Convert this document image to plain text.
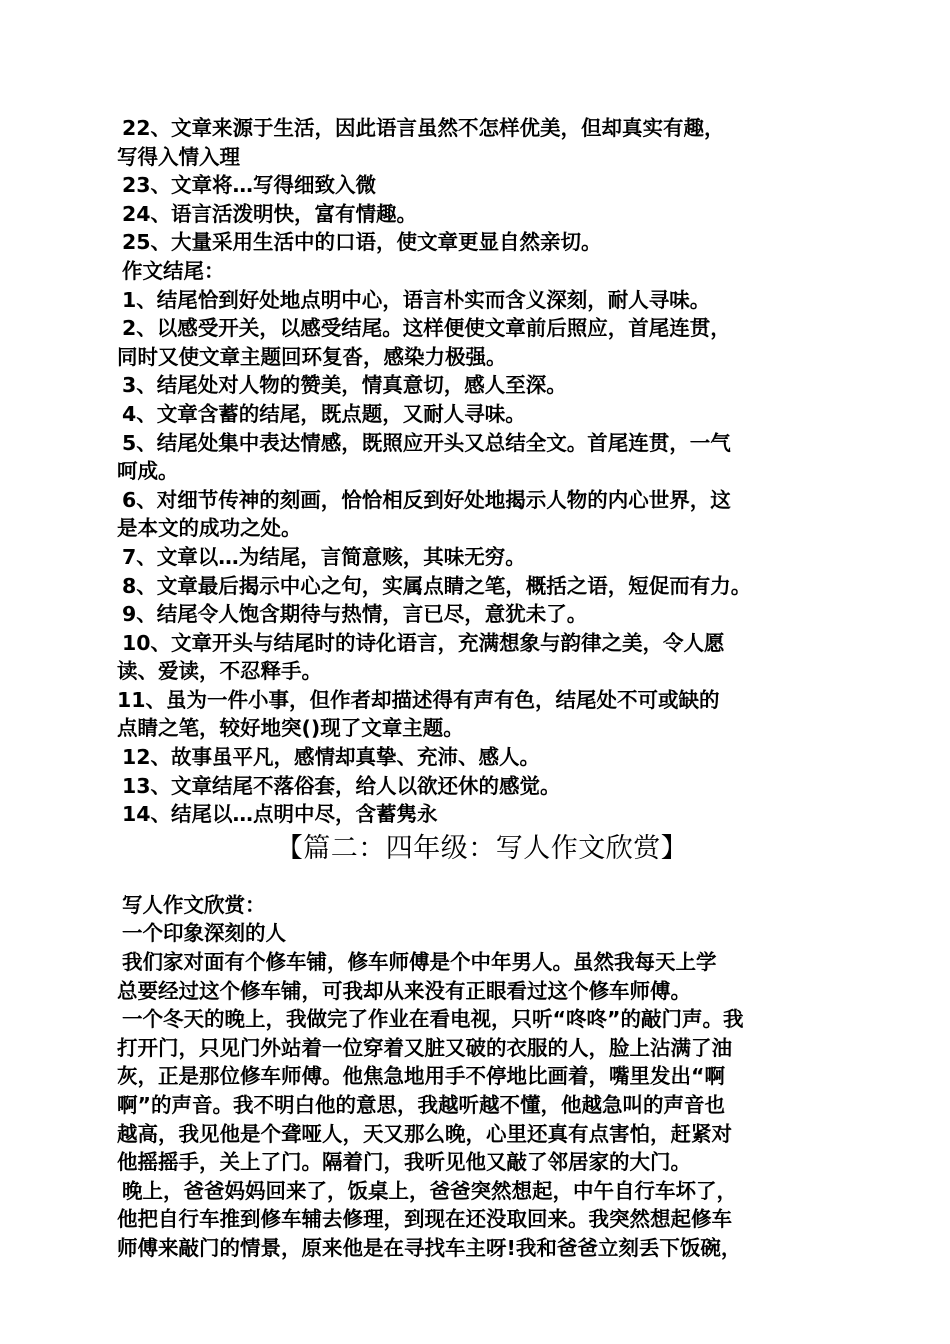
22、文章来源于生活，因此语言虽然不怎样优美，但却真实有趣，
写得入情入理
23、文章将…写得细致入微
24、语言活泼明快，富有情趣。
25、大量采用生活中的口语，使文章更显自然亲切。
作文结尾：
1、结尾恰到好处地点明中心，语言朴实而含义深刻，耐人寻味。
2、以感受开关，以感受结尾。这样便使文章前后照应，首尾连贯，
同时又使文章主题回环复沓，感染力极强。
3、结尾处对人物的赞美，情真意切，感人至深。
4、文章含蓄的结尾，既点题，又耐人寻味。
5、结尾处集中表达情感，既照应开头又总结全文。首尾连贯，一气
呵成。
6、对细节传神的刻画，恰恰相反到好处地揭示人物的内心世界，这
是本文的成功之处。
7、文章以…为结尾，言简意赅，其味无穷。
8、文章最后揭示中心之句，实属点睛之笔，概括之语，短促而有力。
9、结尾令人饱含期待与热情，言已尽，意犹未了。
10、文章开头与结尾时的诗化语言，充满想象与韵律之美，令人愿
读、爱读，不忍释手。
11、虽为一件小事，但作者却描述得有声有色，结尾处不可或缺的
点睛之笔，较好地突()现了文章主题。
12、故事虽平凡，感情却真挚、充沛、感人。
13、文章结尾不落俗套，给人以欲还休的感觉。
14、结尾以…点明中尽，含蓄隽永
【篇二：四年级：写人作文欣赏】
写人作文欣赏：
一个印象深刻的人
我们家对面有个修车铺，修车师傅是个中年男人。虽然我每天上学
总要经过这个修车铺，可我却从来没有正眼看过这个修车师傅。
一个冬天的晚上，我做完了作业在看电视，只听“咚咚”的敲门声。我
打开门，只见门外站着一位穿着又脏又破的衣服的人，脸上沾满了油
灰，正是那位修车师傅。他焦急地用手不停地比画着，嘴里发出“啊
啊”的声音。我不明白他的意思，我越听越不懂，他越急叫的声音也
越高，我见他是个聋哑人，天又那么晚，心里还真有点害怕，赶紧对
他摇摇手，关上了门。隔着门，我听见他又敲了邻居家的大门。
晚上，爸爸妈妈回来了，饭桌上，爸爸突然想起，中午自行车坏了，
他把自行车推到修车辅去修理，到现在还没取回来。我突然想起修车
师傅来敲门的情景，原来他是在寻找车主呀!我和爸爸立刻丢下饭碗，
